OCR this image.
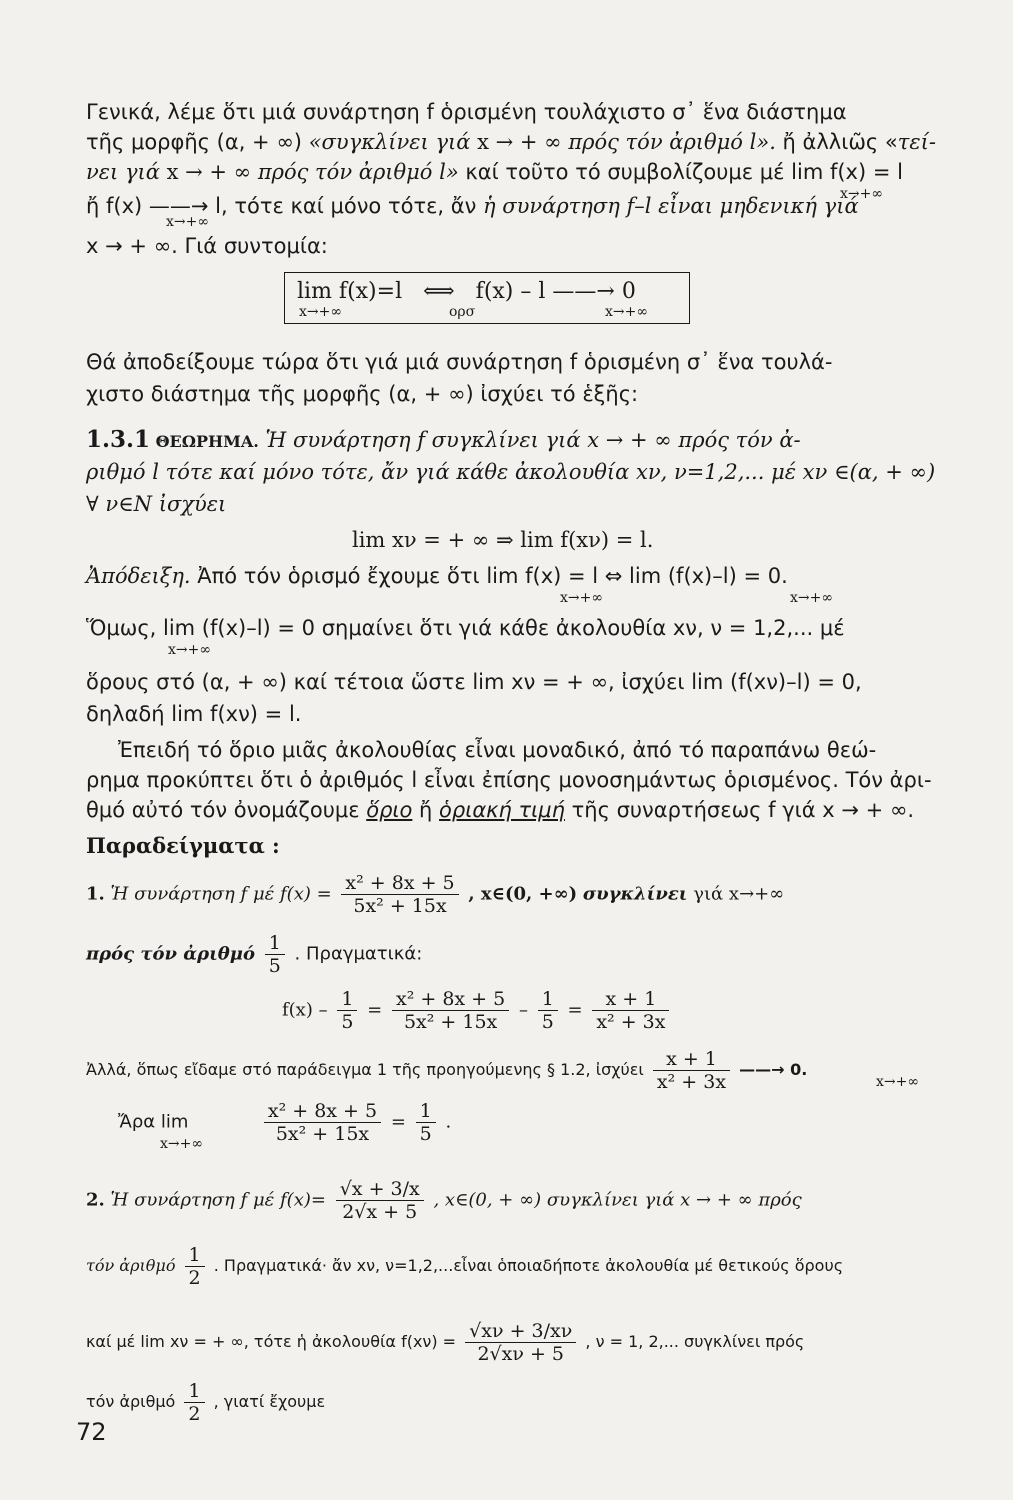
Γενικά, λέμε ὅτι μιά συνάρτηση f ὁρισμένη τουλάχιστο σ᾽ ἕνα διάστημα
τῆς μορφῆς (α, + ∞) «συγκλίνει γιά x → + ∞ πρός τόν ἀριθμό l». ἤ ἀλλιῶς «τεί-
νει γιά x → + ∞ πρός τόν ἀριθμό l» καί τοῦτο τό συμβολίζουμε μέ lim f(x) = l
x→+∞
ἤ f(x) ——→ l, τότε καί μόνο τότε, ἄν ἡ συνάρτηση f–l εἶναι μηδενική γιά
x→+∞
x → + ∞. Γιά συντομία:
lim f(x)=l ⟺ f(x) – l ——→ 0
x→+∞	ορσ	x→+∞
Θά ἀποδείξουμε τώρα ὅτι γιά μιά συνάρτηση f ὁρισμένη σ᾽ ἕνα τουλά-
χιστο διάστημα τῆς μορφῆς (α, + ∞) ἰσχύει τό ἑξῆς:
1.3.1 ΘΕΩΡΗΜΑ. Ἡ συνάρτηση f συγκλίνει γιά x → + ∞ πρός τόν ἀ-
ριθμό l τότε καί μόνο τότε, ἄν γιά κάθε ἀκολουθία xν, ν=1,2,... μέ xν ∈(α, + ∞)
∀ ν∈N ἰσχύει
lim xν = + ∞ ⇒ lim f(xν) = l.
Ἀπόδειξη. Ἀπό τόν ὁρισμό ἔχουμε ὅτι lim f(x) = l ⇔ lim (f(x)–l) = 0.
x→+∞	x→+∞
Ὅμως, lim (f(x)–l) = 0 σημαίνει ὅτι γιά κάθε ἀκολουθία xν, ν = 1,2,... μέ
x→+∞
ὅρους στό (α, + ∞) καί τέτοια ὥστε lim xν = + ∞, ἰσχύει lim (f(xν)–l) = 0,
δηλαδή lim f(xν) = l.
Ἐπειδή τό ὅριο μιᾶς ἀκολουθίας εἶναι μοναδικό, ἀπό τό παραπάνω θεώ-
ρημα προκύπτει ὅτι ὁ ἀριθμός l εἶναι ἐπίσης μονοσημάντως ὁρισμένος. Τόν ἀρι-
θμό αὐτό τόν ὀνομάζουμε ὅριο ἤ ὁριακή τιμή τῆς συναρτήσεως f γιά x → + ∞.
Παραδείγματα :
1. Ἡ συνάρτηση f μέ $f(x) = \frac{\text{x² + 8x + 5}}{\text{5x² + 15x}}$ , x∈(0, +∞) συγκλίνει γιά x→+∞
πρός τόν ἀριθμό $\frac{1}{5}$ . Πραγματικά:
$f(x) - \frac{1}{5} = \frac{\text{x² + 8x + 5}}{\text{5x² + 15x}} - \frac{1}{5} = \frac{x + 1}{\text{x² + 3x}}$
Ἀλλά, ὅπως εἴδαμε στό παράδειγμα 1 τῆς προηγούμενης § 1.2, ἰσχύει $\frac{x + 1}{\text{x² + 3x}}$ ——→ 0.
x→+∞
Ἄρα lim	$\frac{\text{x² + 8x + 5}}{\text{5x² + 15x}} = \frac{1}{5}$ .
x→+∞
2. Ἡ συνάρτηση f μέ $f(x)= \frac{√x + 3/x}{2√x + 5}$ , x∈(0, + ∞) συγκλίνει γιά x → + ∞ πρός
τόν ἀριθμό $\frac{1}{2}$ . Πραγματικά· ἄν xν, ν=1,2,...εἶναι ὁποιαδήποτε ἀκολουθία μέ θετικούς ὅρους
καί μέ lim xν = + ∞, τότε ἡ ἀκολουθία $f(x\nu) = \frac{√x\nu + 3/x\nu}{2√x\nu + 5}$ , ν = 1, 2,... συγκλίνει πρός
τόν ἀριθμό $\frac{1}{2}$ , γιατί ἔχουμε
72
